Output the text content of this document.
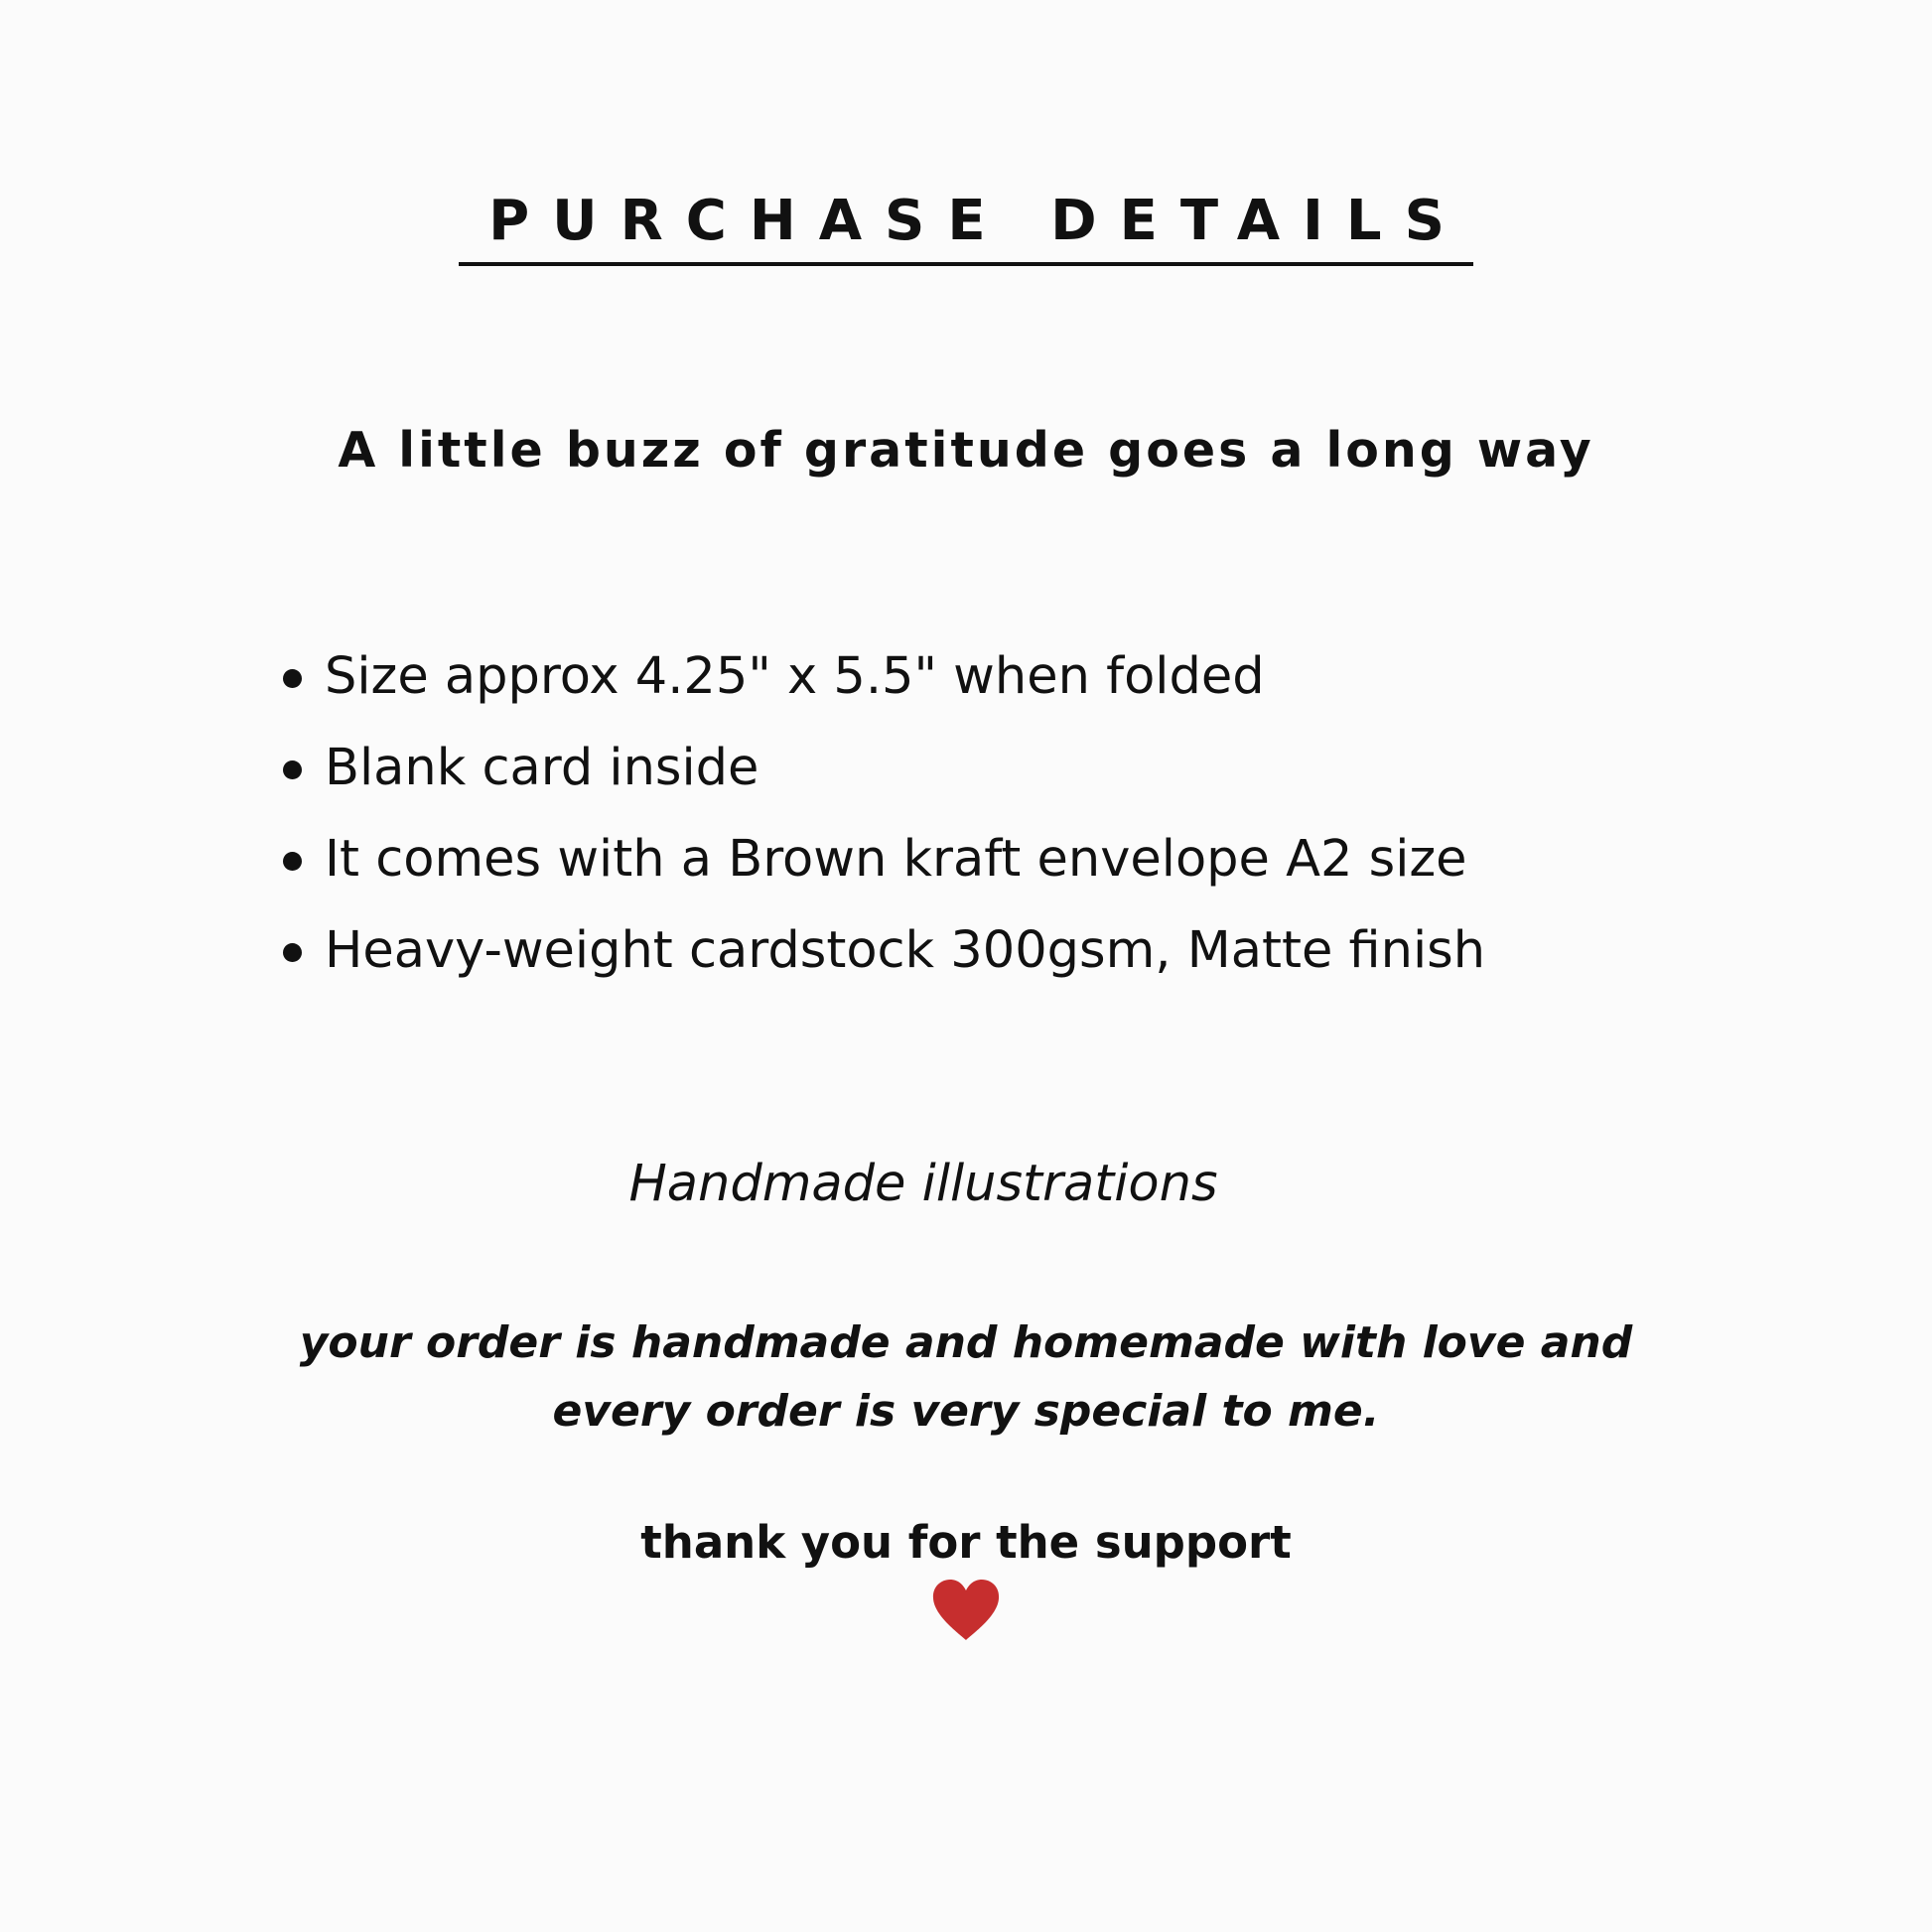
PURCHASE DETAILS
A little buzz of gratitude goes a long way
Size approx 4.25" x 5.5" when folded
Blank card inside
It comes with a Brown kraft envelope A2 size
Heavy-weight cardstock 300gsm, Matte finish
Handmade illustrations
your order is handmade and homemade with love and every order is very special to me.
thank you for the support
